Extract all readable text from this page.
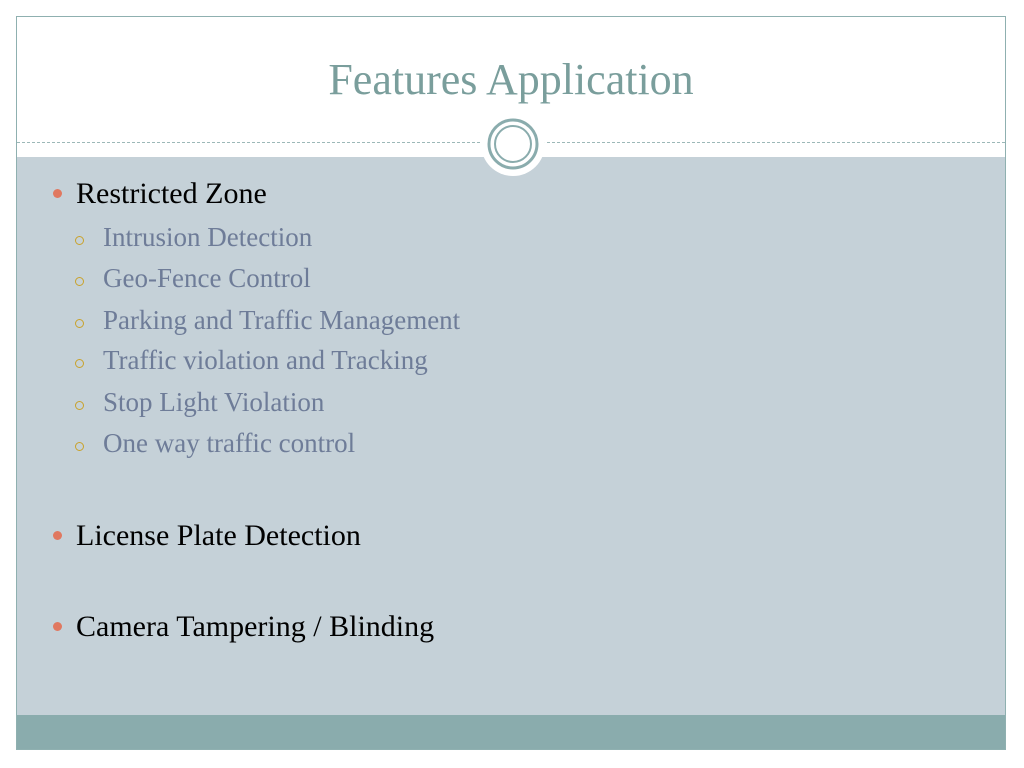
Features Application
Restricted Zone
Intrusion Detection
Geo-Fence Control
Parking and Traffic Management
Traffic violation and Tracking
Stop Light Violation
One way traffic control
License Plate Detection
Camera Tampering / Blinding
